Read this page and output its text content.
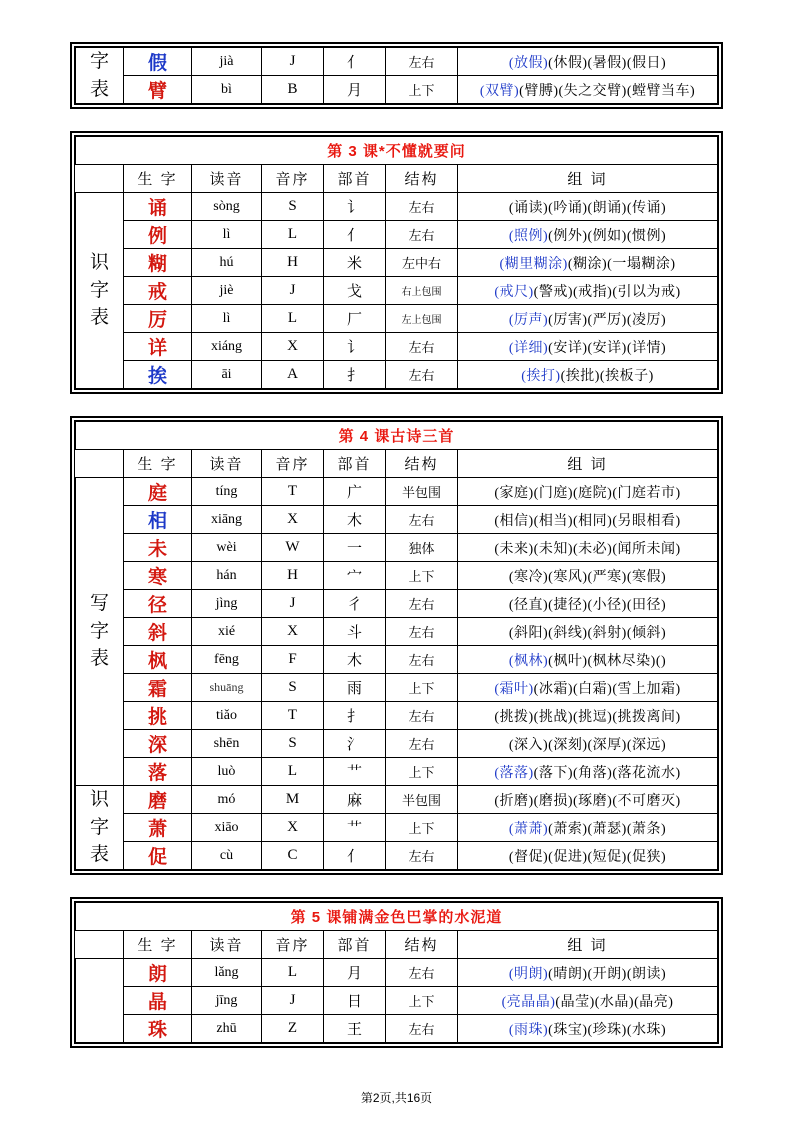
字
表	假	jià	J	亻	左右	(放假)(休假)(暑假)(假日)
	臂	bì	B	月	上下	(双臂)(臂膊)(失之交臂)(螳臂当车)
第 3 课*不懂就要问						
	生 字	读音	音序	部首	结构	组 词

识
字
表	诵	sòng	S	讠	左右	(诵读)(吟诵)(朗诵)(传诵)
	例	lì	L	亻	左右	(照例)(例外)(例如)(惯例)
	糊	hú	H	米	左中右	(糊里糊涂)(糊涂)(一塌糊涂)
	戒	jiè	J	戈	右上包围	(戒尺)(警戒)(戒指)(引以为戒)
	厉	lì	L	厂	左上包围	(厉声)(厉害)(严厉)(凌厉)
	详	xiáng	X	讠	左右	(详细)(安详)(安详)(详情)
	挨	āi	A	扌	左右	(挨打)(挨批)(挨板子)
第 4 课古诗三首						
	生 字	读音	音序	部首	结构	组 词

写
字
表	庭	tíng	T	广	半包围	(家庭)(门庭)(庭院)(门庭若市)
	相	xiāng	X	木	左右	(相信)(相当)(相同)(另眼相看)
	未	wèi	W	一	独体	(未来)(未知)(未必)(闻所未闻)
	寒	hán	H	宀	上下	(寒冷)(寒风)(严寒)(寒假)
	径	jìng	J	彳	左右	(径直)(捷径)(小径)(田径)
	斜	xié	X	斗	左右	(斜阳)(斜线)(斜射)(倾斜)
	枫	fēng	F	木	左右	(枫林)(枫叶)(枫林尽染)()
	霜	shuāng	S	雨	上下	(霜叶)(冰霜)(白霜)(雪上加霜)
	挑	tiǎo	T	扌	左右	(挑拨)(挑战)(挑逗)(挑拨离间)
	深	shēn	S	氵	左右	(深入)(深刻)(深厚)(深远)
	落	luò	L	艹	上下	(落落)(落下)(角落)(落花流水)

识
字
表	磨	mó	M	麻	半包围	(折磨)(磨损)(琢磨)(不可磨灭)
	萧	xiāo	X	艹	上下	(萧萧)(萧索)(萧瑟)(萧条)
	促	cù	C	亻	左右	(督促)(促进)(短促)(促狭)
第 5 课铺满金色巴掌的水泥道						
	生 字	读音	音序	部首	结构	组 词
	朗	lǎng	L	月	左右	(明朗)(晴朗)(开朗)(朗读)
	晶	jīng	J	日	上下	(亮晶晶)(晶莹)(水晶)(晶亮)
	珠	zhū	Z	王	左右	(雨珠)(珠宝)(珍珠)(水珠)
第2页,共16页
